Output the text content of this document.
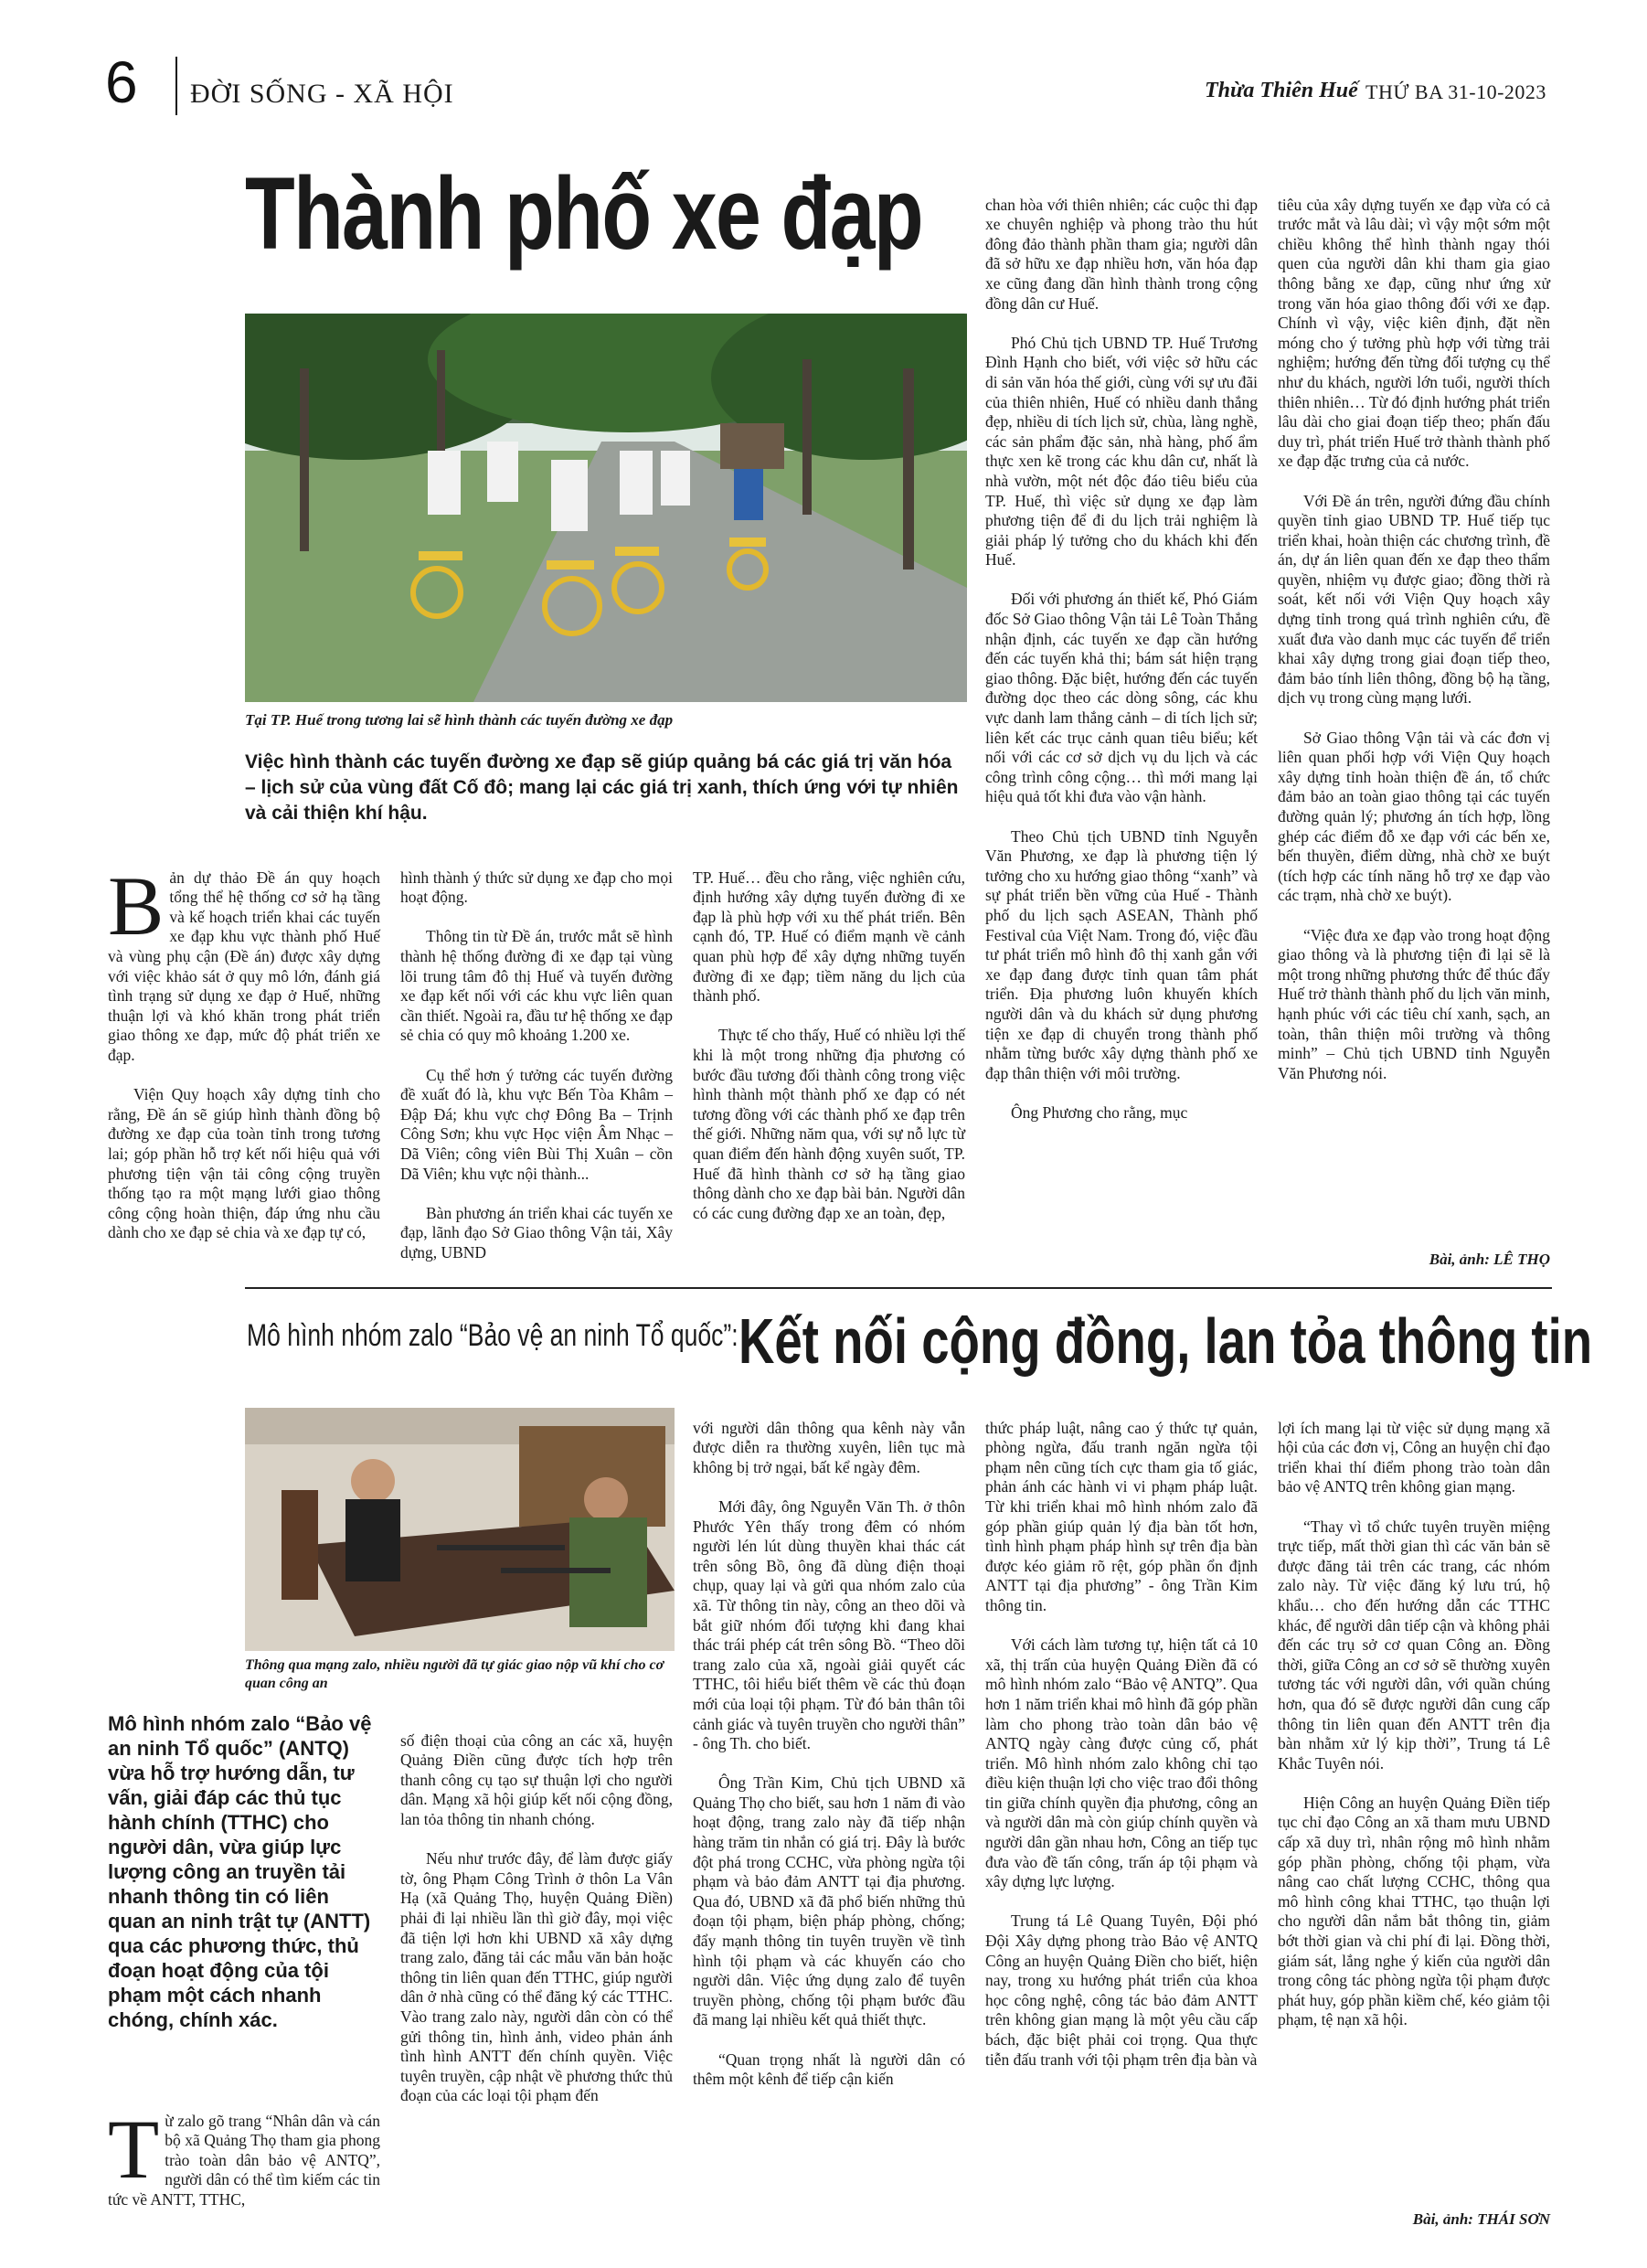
6 ĐỜI SỐNG - XÃ HỘI	Thừa Thiên Huế THỨ BA 31-10-2023
Thành phố xe đạp
Tại TP. Huế trong tương lai sẽ hình thành các tuyến đường xe đạp
Việc hình thành các tuyến đường xe đạp sẽ giúp quảng bá các giá trị văn hóa – lịch sử của vùng đất Cố đô; mang lại các giá trị xanh, thích ứng với tự nhiên và cải thiện khí hậu.

Bản dự thảo Đề án quy hoạch tổng thể hệ thống cơ sở hạ tầng và kế hoạch triển khai các tuyến xe đạp khu vực thành phố Huế và vùng phụ cận (Đề án) được xây dựng với việc khảo sát ở quy mô lớn, đánh giá tình trạng sử dụng xe đạp ở Huế, những thuận lợi và khó khăn trong phát triển giao thông xe đạp, mức độ phát triển xe đạp.

Viện Quy hoạch xây dựng tỉnh cho rằng, Đề án sẽ giúp hình thành đồng bộ đường xe đạp của toàn tỉnh trong tương lai; góp phần hỗ trợ kết nối hiệu quả với phương tiện vận tải công cộng truyền thống tạo ra một mạng lưới giao thông công cộng hoàn thiện, đáp ứng nhu cầu dành cho xe đạp sẻ chia và xe đạp tự có,

hình thành ý thức sử dụng xe đạp cho mọi hoạt động.

Thông tin từ Đề án, trước mắt sẽ hình thành hệ thống đường đi xe đạp tại vùng lõi trung tâm đô thị Huế và tuyến đường xe đạp kết nối với các khu vực liên quan cần thiết. Ngoài ra, đầu tư hệ thống xe đạp sẻ chia có quy mô khoảng 1.200 xe.

Cụ thể hơn ý tưởng các tuyến đường đề xuất đó là, khu vực Bến Tòa Khâm – Đập Đá; khu vực chợ Đông Ba – Trịnh Công Sơn; khu vực Học viện Âm Nhạc – Dã Viên; công viên Bùi Thị Xuân – cồn Dã Viên; khu vực nội thành...

Bàn phương án triển khai các tuyến xe đạp, lãnh đạo Sở Giao thông Vận tải, Xây dựng, UBND

TP. Huế… đều cho rằng, việc nghiên cứu, định hướng xây dựng tuyến đường đi xe đạp là phù hợp với xu thế phát triển. Bên cạnh đó, TP. Huế có điểm mạnh về cảnh quan phù hợp để xây dựng những tuyến đường đi xe đạp; tiềm năng du lịch của thành phố.

Thực tế cho thấy, Huế có nhiều lợi thế khi là một trong những địa phương có bước đầu tương đối thành công trong việc hình thành một thành phố xe đạp có nét tương đồng với các thành phố xe đạp trên thế giới. Những năm qua, với sự nỗ lực từ quan điểm đến hành động xuyên suốt, TP. Huế đã hình thành cơ sở hạ tầng giao thông dành cho xe đạp bài bản. Người dân có các cung đường đạp xe an toàn, đẹp,

chan hòa với thiên nhiên; các cuộc thi đạp xe chuyên nghiệp và phong trào thu hút đông đảo thành phần tham gia; người dân đã sở hữu xe đạp nhiều hơn, văn hóa đạp xe cũng đang dần hình thành trong cộng đồng dân cư Huế.

Phó Chủ tịch UBND TP. Huế Trương Đình Hạnh cho biết, với việc sở hữu các di sản văn hóa thế giới, cùng với sự ưu đãi của thiên nhiên, Huế có nhiều danh thắng đẹp, nhiều di tích lịch sử, chùa, làng nghề, các sản phẩm đặc sản, nhà hàng, phố ẩm thực xen kẽ trong các khu dân cư, nhất là nhà vườn, một nét độc đáo tiêu biểu của TP. Huế, thì việc sử dụng xe đạp làm phương tiện để đi du lịch trải nghiệm là giải pháp lý tưởng cho du khách khi đến Huế.

Đối với phương án thiết kế, Phó Giám đốc Sở Giao thông Vận tải Lê Toàn Thắng nhận định, các tuyến xe đạp cần hướng đến các tuyến khả thi; bám sát hiện trạng giao thông. Đặc biệt, hướng đến các tuyến đường dọc theo các dòng sông, các khu vực danh lam thắng cảnh – di tích lịch sử; liên kết các trục cảnh quan tiêu biểu; kết nối với các cơ sở dịch vụ du lịch và các công trình công cộng… thì mới mang lại hiệu quả tốt khi đưa vào vận hành.

Theo Chủ tịch UBND tỉnh Nguyễn Văn Phương, xe đạp là phương tiện lý tưởng cho xu hướng giao thông “xanh” và sự phát triển bền vững của Huế - Thành phố du lịch sạch ASEAN, Thành phố Festival của Việt Nam. Trong đó, việc đầu tư phát triển mô hình đô thị xanh gắn với xe đạp đang được tỉnh quan tâm phát triển. Địa phương luôn khuyến khích người dân và du khách sử dụng phương tiện xe đạp di chuyển trong thành phố nhằm từng bước xây dựng thành phố xe đạp thân thiện với môi trường.

Ông Phương cho rằng, mục

tiêu của xây dựng tuyến xe đạp vừa có cả trước mắt và lâu dài; vì vậy một sớm một chiều không thể hình thành ngay thói quen của người dân khi tham gia giao thông bằng xe đạp, cũng như ứng xử trong văn hóa giao thông đối với xe đạp. Chính vì vậy, việc kiên định, đặt nền móng cho ý tưởng phù hợp với từng trải nghiệm; hướng đến từng đối tượng cụ thể như du khách, người lớn tuổi, người thích thiên nhiên… Từ đó định hướng phát triển lâu dài cho giai đoạn tiếp theo; phấn đấu duy trì, phát triển Huế trở thành thành phố xe đạp đặc trưng của cả nước.

Với Đề án trên, người đứng đầu chính quyền tỉnh giao UBND TP. Huế tiếp tục triển khai, hoàn thiện các chương trình, đề án, dự án liên quan đến xe đạp theo thẩm quyền, nhiệm vụ được giao; đồng thời rà soát, kết nối với Viện Quy hoạch xây dựng tỉnh trong quá trình nghiên cứu, đề xuất đưa vào danh mục các tuyến để triển khai xây dựng trong giai đoạn tiếp theo, đảm bảo tính liên thông, đồng bộ hạ tầng, dịch vụ trong cùng mạng lưới.

Sở Giao thông Vận tải và các đơn vị liên quan phối hợp với Viện Quy hoạch xây dựng tỉnh hoàn thiện đề án, tổ chức đảm bảo an toàn giao thông tại các tuyến đường quản lý; phương án tích hợp, lồng ghép các điểm đỗ xe đạp với các bến xe, bến thuyền, điểm dừng, nhà chờ xe buýt (tích hợp các tính năng hỗ trợ xe đạp vào các trạm, nhà chờ xe buýt).

“Việc đưa xe đạp vào trong hoạt động giao thông và là phương tiện đi lại sẽ là một trong những phương thức để thúc đẩy Huế trở thành thành phố du lịch văn minh, hạnh phúc với các tiêu chí xanh, sạch, an toàn, thân thiện môi trường và thông minh” – Chủ tịch UBND tỉnh Nguyễn Văn Phương nói.

Bài, ảnh: LÊ THỌ
Mô hình nhóm zalo “Bảo vệ an ninh Tổ quốc”: Kết nối cộng đồng, lan tỏa thông tin
Thông qua mạng zalo, nhiều người đã tự giác giao nộp vũ khí cho cơ quan công an
Mô hình nhóm zalo “Bảo vệ an ninh Tổ quốc” (ANTQ) vừa hỗ trợ hướng dẫn, tư vấn, giải đáp các thủ tục hành chính (TTHC) cho người dân, vừa giúp lực lượng công an truyền tải nhanh thông tin có liên quan an ninh trật tự (ANTT) qua các phương thức, thủ đoạn hoạt động của tội phạm một cách nhanh chóng, chính xác.

Từ zalo gõ trang “Nhân dân và cán bộ xã Quảng Thọ tham gia phong trào toàn dân bảo vệ ANTQ”, người dân có thể tìm kiếm các tin tức về ANTT, TTHC,

số điện thoại của công an các xã, huyện Quảng Điền cũng được tích hợp trên thanh công cụ tạo sự thuận lợi cho người dân. Mạng xã hội giúp kết nối cộng đồng, lan tỏa thông tin nhanh chóng.

Nếu như trước đây, để làm được giấy tờ, ông Phạm Công Trình ở thôn La Vân Hạ (xã Quảng Thọ, huyện Quảng Điền) phải đi lại nhiều lần thì giờ đây, mọi việc đã tiện lợi hơn khi UBND xã xây dựng trang zalo, đăng tải các mẫu văn bản hoặc thông tin liên quan đến TTHC, giúp người dân ở nhà cũng có thể đăng ký các TTHC. Vào trang zalo này, người dân còn có thể gửi thông tin, hình ảnh, video phản ánh tình hình ANTT đến chính quyền. Việc tuyên truyền, cập nhật về phương thức thủ đoạn của các loại tội phạm đến

với người dân thông qua kênh này vẫn được diễn ra thường xuyên, liên tục mà không bị trở ngại, bất kể ngày đêm.

Mới đây, ông Nguyễn Văn Th. ở thôn Phước Yên thấy trong đêm có nhóm người lén lút dùng thuyền khai thác cát trên sông Bồ, ông đã dùng điện thoại chụp, quay lại và gửi qua nhóm zalo của xã. Từ thông tin này, công an theo dõi và bắt giữ nhóm đối tượng khi đang khai thác trái phép cát trên sông Bồ. “Theo dõi trang zalo của xã, ngoài giải quyết các TTHC, tôi hiểu biết thêm về các thủ đoạn mới của loại tội phạm. Từ đó bản thân tôi cảnh giác và tuyên truyền cho người thân” - ông Th. cho biết.

Ông Trần Kim, Chủ tịch UBND xã Quảng Thọ cho biết, sau hơn 1 năm đi vào hoạt động, trang zalo này đã tiếp nhận hàng trăm tin nhắn có giá trị. Đây là bước đột phá trong CCHC, vừa phòng ngừa tội phạm và bảo đảm ANTT tại địa phương. Qua đó, UBND xã đã phổ biến những thủ đoạn tội phạm, biện pháp phòng, chống; đẩy mạnh thông tin tuyên truyền về tình hình tội phạm và các khuyến cáo cho người dân. Việc ứng dụng zalo để tuyên truyền phòng, chống tội phạm bước đầu đã mang lại nhiều kết quả thiết thực.

“Quan trọng nhất là người dân có thêm một kênh để tiếp cận kiến

thức pháp luật, nâng cao ý thức tự quản, phòng ngừa, đấu tranh ngăn ngừa tội phạm nên cũng tích cực tham gia tố giác, phản ánh các hành vi vi phạm pháp luật. Từ khi triển khai mô hình nhóm zalo đã góp phần giúp quản lý địa bàn tốt hơn, tình hình phạm pháp hình sự trên địa bàn được kéo giảm rõ rệt, góp phần ổn định ANTT tại địa phương” - ông Trần Kim thông tin.

Với cách làm tương tự, hiện tất cả 10 xã, thị trấn của huyện Quảng Điền đã có mô hình nhóm zalo “Bảo vệ ANTQ”. Qua hơn 1 năm triển khai mô hình đã góp phần làm cho phong trào toàn dân bảo vệ ANTQ ngày càng được củng cố, phát triển. Mô hình nhóm zalo không chỉ tạo điều kiện thuận lợi cho việc trao đổi thông tin giữa chính quyền địa phương, công an và người dân mà còn giúp chính quyền và người dân gần nhau hơn, Công an tiếp tục đưa vào đề tấn công, trấn áp tội phạm và xây dựng lực lượng.

Trung tá Lê Quang Tuyên, Đội phó Đội Xây dựng phong trào Bảo vệ ANTQ Công an huyện Quảng Điền cho biết, hiện nay, trong xu hướng phát triển của khoa học công nghệ, công tác bảo đảm ANTT trên không gian mạng là một yêu cầu cấp bách, đặc biệt phải coi trọng. Qua thực tiễn đấu tranh với tội phạm trên địa bàn và

lợi ích mang lại từ việc sử dụng mạng xã hội của các đơn vị, Công an huyện chỉ đạo triển khai thí điểm phong trào toàn dân bảo vệ ANTQ trên không gian mạng.

“Thay vì tổ chức tuyên truyền miệng trực tiếp, mất thời gian thì các văn bản sẽ được đăng tải trên các trang, các nhóm zalo này. Từ việc đăng ký lưu trú, hộ khẩu… cho đến hướng dẫn các TTHC khác, để người dân tiếp cận và không phải đến các trụ sở cơ quan Công an. Đồng thời, giữa Công an cơ sở sẽ thường xuyên tương tác với người dân, với quần chúng hơn, qua đó sẽ được người dân cung cấp thông tin liên quan đến ANTT trên địa bàn nhằm xử lý kịp thời”, Trung tá Lê Khắc Tuyên nói.

Hiện Công an huyện Quảng Điền tiếp tục chỉ đạo Công an xã tham mưu UBND cấp xã duy trì, nhân rộng mô hình nhằm góp phần phòng, chống tội phạm, vừa nâng cao chất lượng CCHC, thông qua mô hình công khai TTHC, tạo thuận lợi cho người dân nắm bắt thông tin, giảm bớt thời gian và chi phí đi lại. Đồng thời, giám sát, lắng nghe ý kiến của người dân trong công tác phòng ngừa tội phạm được phát huy, góp phần kiềm chế, kéo giảm tội phạm, tệ nạn xã hội.

Bài, ảnh: THÁI SƠN
